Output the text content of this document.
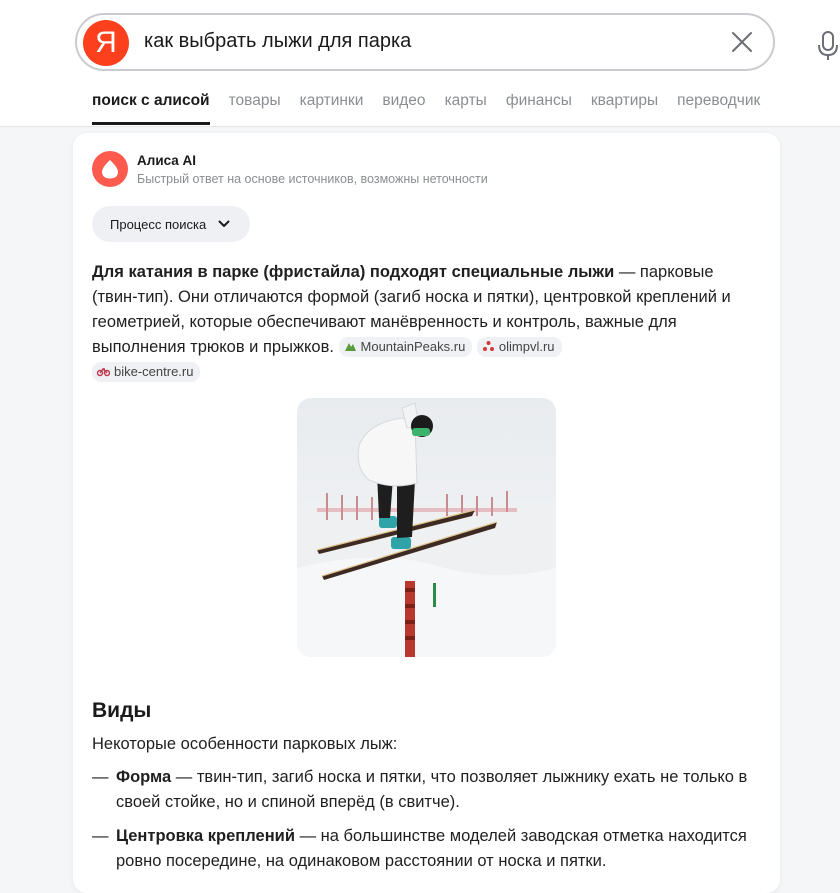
Я	как выбрать лыжи для парка
поиск с алисой товары картинки видео карты финансы квартиры переводчик
Алиса AI
Быстрый ответ на основе источников, возможны неточности
Процесс поиска
Для катания в парке (фристайла) подходят специальные лыжи — парковые (твин-тип). Они отличаются формой (загиб носка и пятки), центровкой креплений и геометрией, которые обеспечивают манёвренность и контроль, важные для выполнения трюков и прыжков. MountainPeaks.ru	olimpvl.ru
bike-centre.ru
Виды
Некоторые особенности парковых лыж:
— Форма — твин-тип, загиб носка и пятки, что позволяет лыжнику ехать не только в своей стойке, но и спиной вперёд (в свитче).
— Центровка креплений — на большинстве моделей заводская отметка находится ровно посередине, на одинаковом расстоянии от носка и пятки.
